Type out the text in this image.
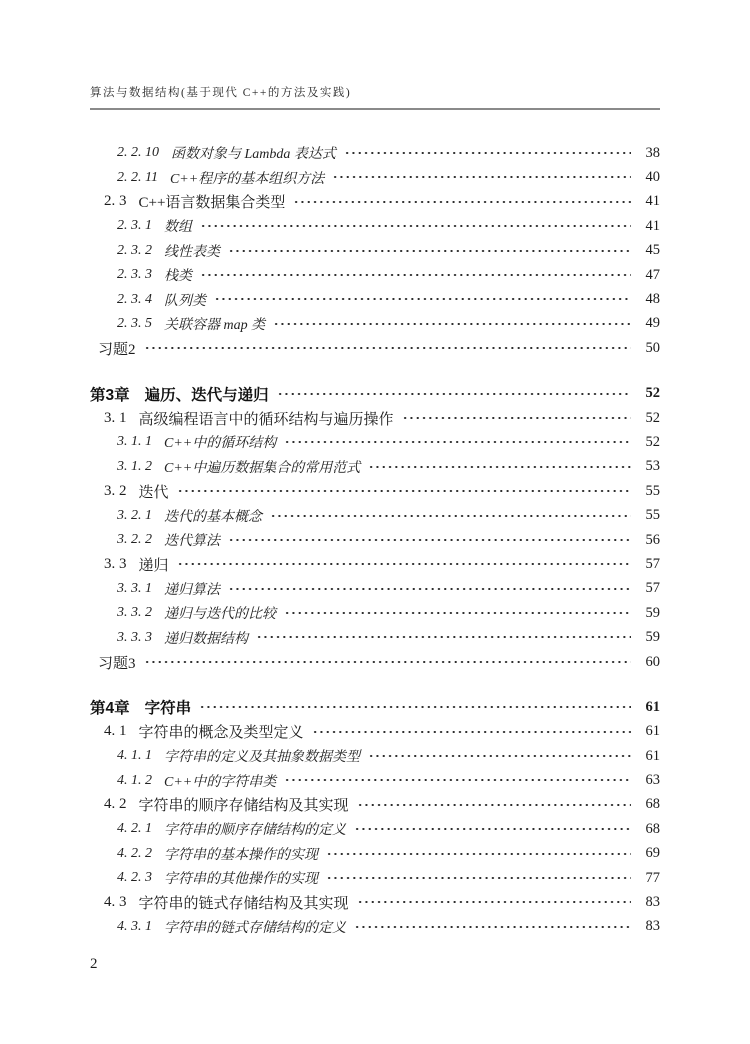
算法与数据结构(基于现代 C++的方法及实践)
2. 2. 10 函数对象与 Lambda 表达式	38
2. 2. 11 C++程序的基本组织方法	40
2. 3 C++语言数据集合类型	41
2. 3. 1 数组	41
2. 3. 2 线性表类	45
2. 3. 3 栈类	47
2. 3. 4 队列类	48
2. 3. 5 关联容器 map 类	49
习题2	50
第3章 遍历、迭代与递归	52
3. 1 高级编程语言中的循环结构与遍历操作	52
3. 1. 1 C++中的循环结构	52
3. 1. 2 C++中遍历数据集合的常用范式	53
3. 2 迭代	55
3. 2. 1 迭代的基本概念	55
3. 2. 2 迭代算法	56
3. 3 递归	57
3. 3. 1 递归算法	57
3. 3. 2 递归与迭代的比较	59
3. 3. 3 递归数据结构	59
习题3	60
第4章 字符串	61
4. 1 字符串的概念及类型定义	61
4. 1. 1 字符串的定义及其抽象数据类型	61
4. 1. 2 C++中的字符串类	63
4. 2 字符串的顺序存储结构及其实现	68
4. 2. 1 字符串的顺序存储结构的定义	68
4. 2. 2 字符串的基本操作的实现	69
4. 2. 3 字符串的其他操作的实现	77
4. 3 字符串的链式存储结构及其实现	83
4. 3. 1 字符串的链式存储结构的定义	83
2
